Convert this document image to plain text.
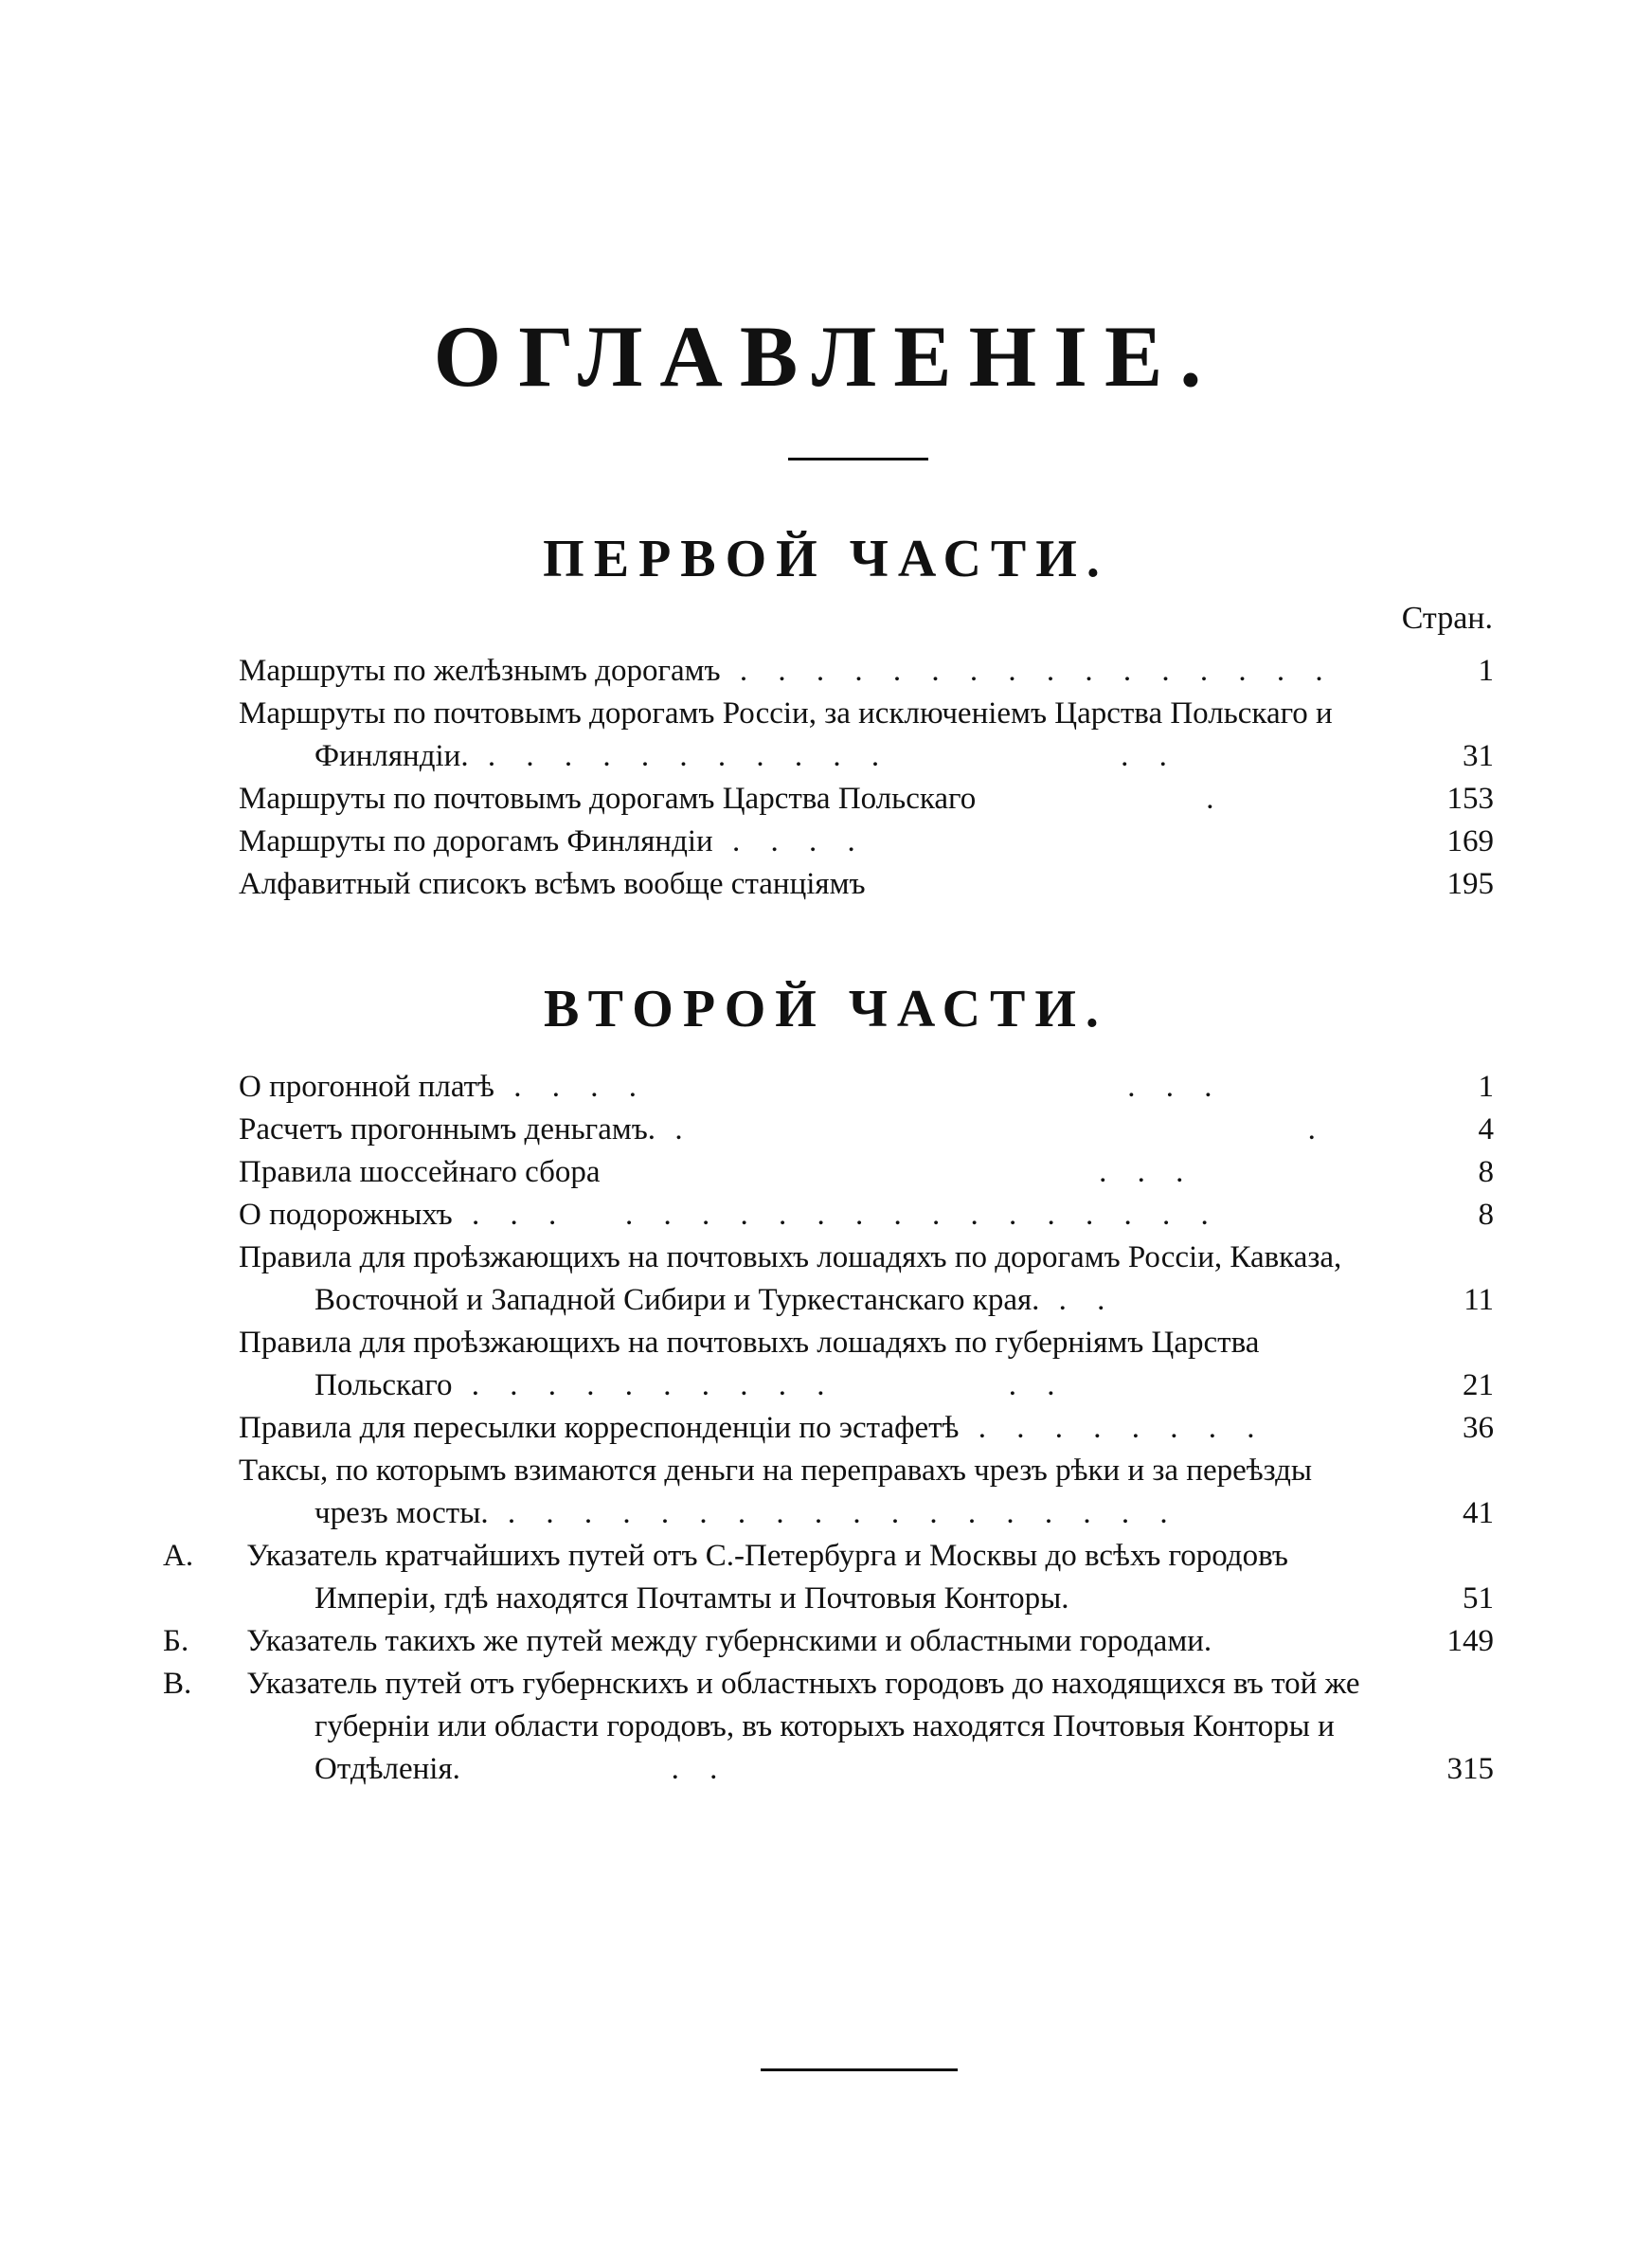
ОГЛАВЛЕНІЕ.
ПЕРВОЙ ЧАСТИ.
Стран.
Маршруты по желѣзнымъ дорогамъ . . . . . . . . . . . . . . . .	1
Маршруты по почтовымъ дорогамъ Россіи, за исключеніемъ Царства Польскаго и Финляндіи. . . . . . . . . . . .            . .	31
Маршруты по почтовымъ дорогамъ Царства Польскаго            .	153
Маршруты по дорогамъ Финляндіи . . . .	169
Алфавитный списокъ всѣмъ вообще станціямъ	195
ВТОРОЙ ЧАСТИ.
О прогонной платѣ . . . .                         . . .	1
Расчетъ прогоннымъ деньгамъ. .                                .	4
Правила шоссейнаго сбора                          . . .	8
О подорожныхъ . . .   . . . . . . . . . . . . . . . .	8
Правила для проѣзжающихъ на почтовыхъ лошадяхъ по дорогамъ Россіи, Кавказа, Восточной и Западной Сибири и Туркестанскаго края. . .	11
Правила для проѣзжающихъ на почтовыхъ лошадяхъ по губерніямъ Царства Польскаго . . . . . . . . . .         . .	21
Правила для пересылки корреспонденціи по эстафетѣ . . . . . . . .	36
Таксы, по которымъ взимаются деньги на переправахъ чрезъ рѣки и за переѣзды чрезъ мосты. . . . . . . . . . . . . . . . . . .	41
А. Указатель кратчайшихъ путей отъ С.-Петербурга и Москвы до всѣхъ городовъ Имперіи, гдѣ находятся Почтамты и Почтовыя Конторы.	51
Б. Указатель такихъ же путей между губернскими и областными городами.	149
В. Указатель путей отъ губернскихъ и областныхъ городовъ до находящихся въ той же губерніи или области городовъ, въ которыхъ находятся Почтовыя Конторы и Отдѣленія.           . .	315
